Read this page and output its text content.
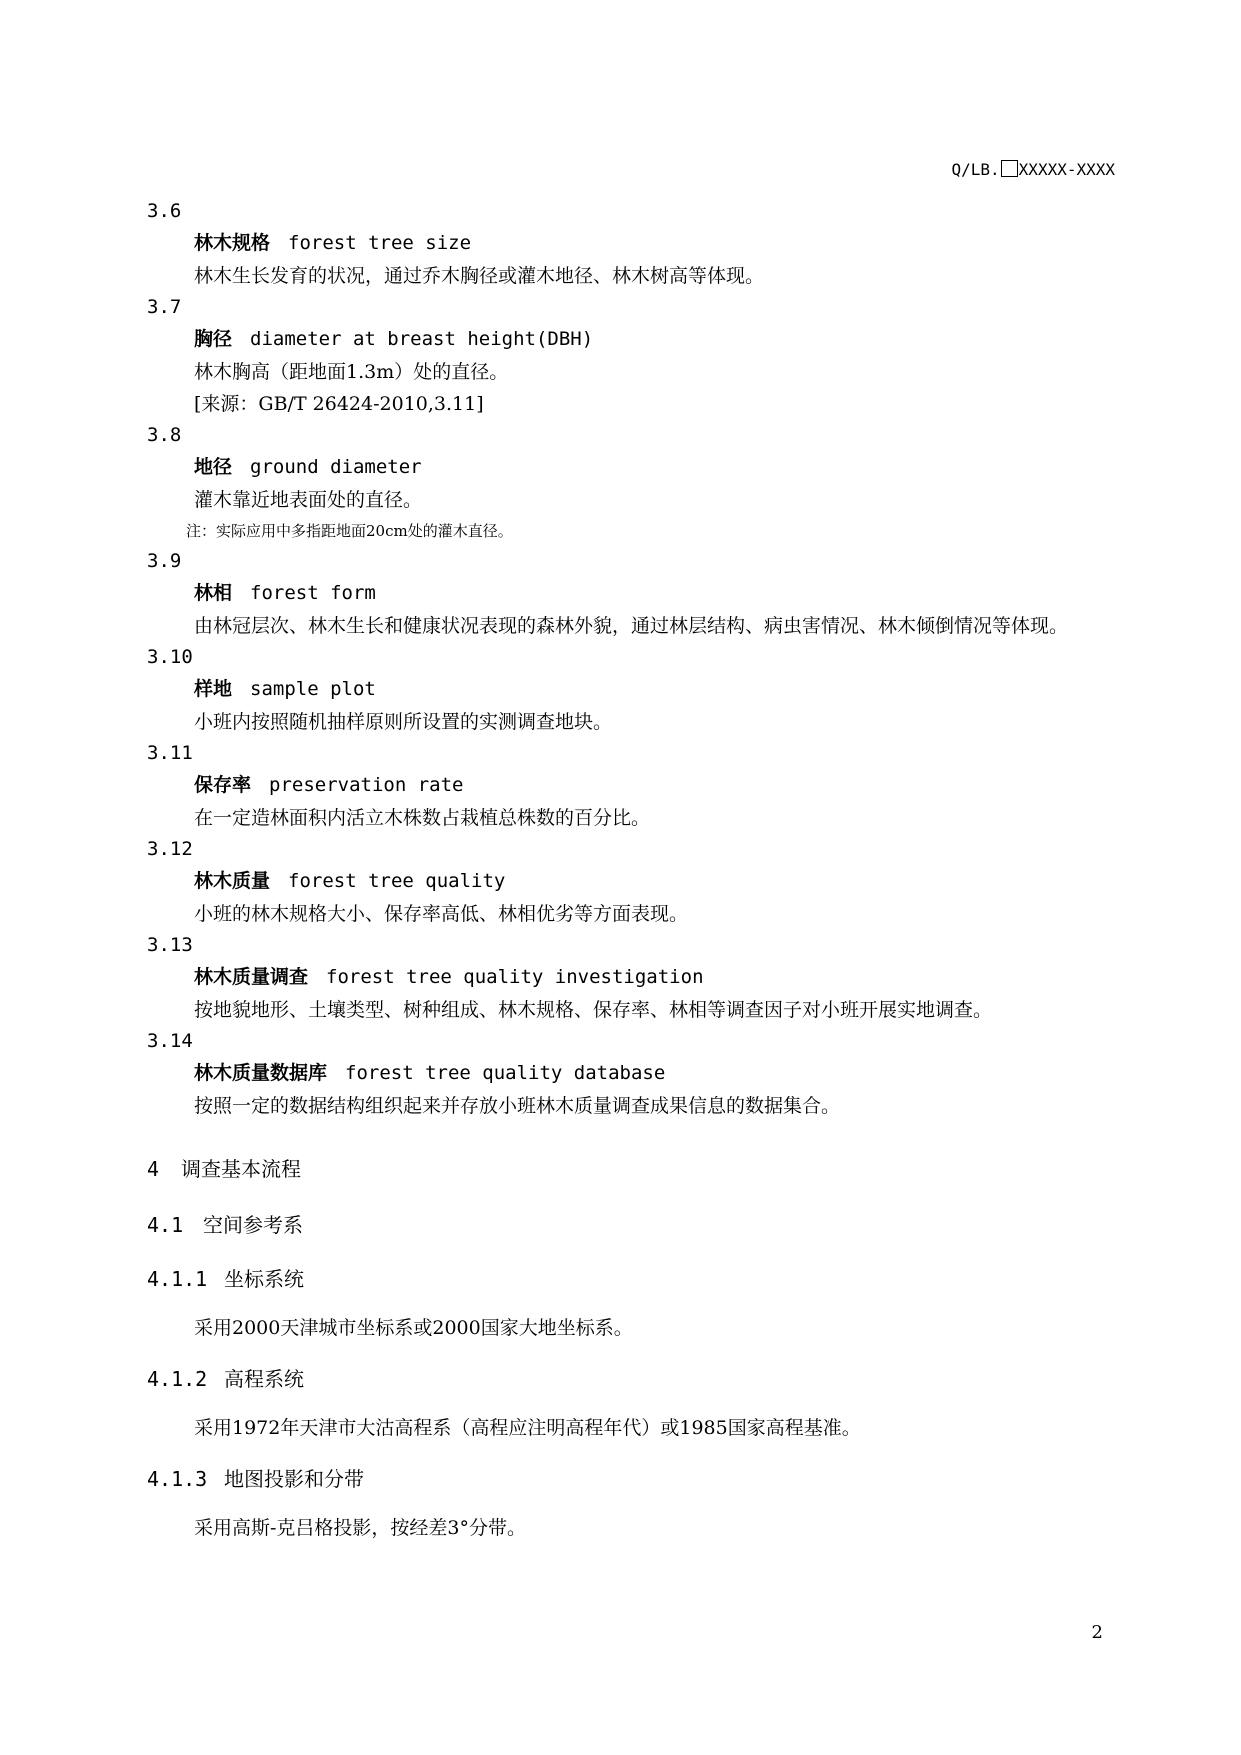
Q/LB. XXXXX-XXXX
3.6
林木规格 forest tree size
林木生长发育的状况，通过乔木胸径或灌木地径、林木树高等体现。
3.7
胸径 diameter at breast height(DBH)
林木胸高（距地面1.3m）处的直径。
[来源：GB/T 26424-2010,3.11]
3.8
地径 ground diameter
灌木靠近地表面处的直径。
注：实际应用中多指距地面20cm处的灌木直径。
3.9
林相 forest form
由林冠层次、林木生长和健康状况表现的森林外貌，通过林层结构、病虫害情况、林木倾倒情况等体现。
3.10
样地 sample plot
小班内按照随机抽样原则所设置的实测调查地块。
3.11
保存率 preservation rate
在一定造林面积内活立木株数占栽植总株数的百分比。
3.12
林木质量 forest tree quality
小班的林木规格大小、保存率高低、林相优劣等方面表现。
3.13
林木质量调查 forest tree quality investigation
按地貌地形、土壤类型、树种组成、林木规格、保存率、林相等调查因子对小班开展实地调查。
3.14
林木质量数据库 forest tree quality database
按照一定的数据结构组织起来并存放小班林木质量调查成果信息的数据集合。
4 调查基本流程
4.1 空间参考系
4.1.1 坐标系统
采用2000天津城市坐标系或2000国家大地坐标系。
4.1.2 高程系统
采用1972年天津市大沽高程系（高程应注明高程年代）或1985国家高程基准。
4.1.3 地图投影和分带
采用高斯-克吕格投影，按经差3°分带。
2
